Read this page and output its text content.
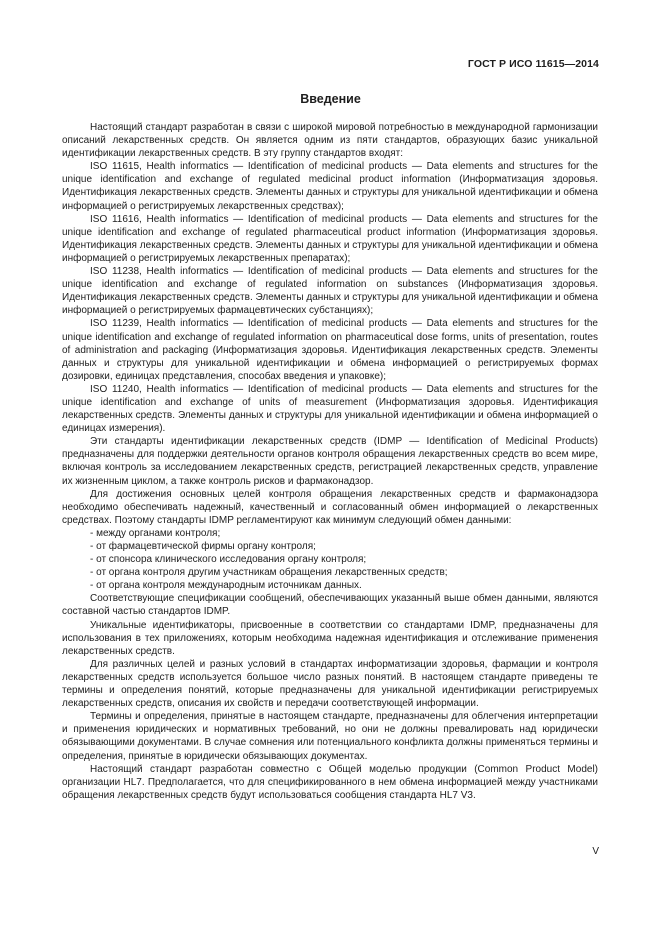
ГОСТ Р ИСО 11615—2014
Введение

Настоящий стандарт разработан в связи с широкой мировой потребностью в международной гармонизации описаний лекарственных средств. Он является одним из пяти стандартов, образующих базис уникальной идентификации лекарственных средств. В эту группу стандартов входят:

ISO 11615, Health informatics — Identification of medicinal products — Data elements and structures for the unique identification and exchange of regulated medicinal product information (Информатизация здоровья. Идентификация лекарственных средств. Элементы данных и структуры для уникальной идентификации и обмена информацией о регистрируемых лекарственных средствах);

ISO 11616, Health informatics — Identification of medicinal products — Data elements and structures for the unique identification and exchange of regulated pharmaceutical product information (Информатизация здоровья. Идентификация лекарственных средств. Элементы данных и структуры для уникальной идентификации и обмена информацией о регистрируемых лекарственных препаратах);

ISO 11238, Health informatics — Identification of medicinal products — Data elements and structures for the unique identification and exchange of regulated information on substances (Информатизация здоровья. Идентификация лекарственных средств. Элементы данных и структуры для уникальной идентификации и обмена информацией о регистрируемых фармацевтических субстанциях);

ISO 11239, Health informatics — Identification of medicinal products — Data elements and structures for the unique identification and exchange of regulated information on pharmaceutical dose forms, units of presentation, routes of administration and packaging (Информатизация здоровья. Идентификация лекарственных средств. Элементы данных и структуры для уникальной идентификации и обмена информацией о регистрируемых формах дозировки, единицах представления, способах введения и упаковке);

ISO 11240, Health informatics — Identification of medicinal products — Data elements and structures for the unique identification and exchange of units of measurement (Информатизация здоровья. Идентификация лекарственных средств. Элементы данных и структуры для уникальной идентификации и обмена информацией о единицах измерения).

Эти стандарты идентификации лекарственных средств (IDMP — Identification of Medicinal Products) предназначены для поддержки деятельности органов контроля обращения лекарственных средств во всем мире, включая контроль за исследованием лекарственных средств, регистрацией лекарственных средств, управление их жизненным циклом, а также контроль рисков и фармаконадзор.

Для достижения основных целей контроля обращения лекарственных средств и фармаконадзора необходимо обеспечивать надежный, качественный и согласованный обмен информацией о лекарственных средствах. Поэтому стандарты IDMP регламентируют как минимум следующий обмен данными:

- между органами контроля;

- от фармацевтической фирмы органу контроля;

- от спонсора клинического исследования органу контроля;

- от органа контроля другим участникам обращения лекарственных средств;

- от органа контроля международным источникам данных.

Соответствующие спецификации сообщений, обеспечивающих указанный выше обмен данными, являются составной частью стандартов IDMP.

Уникальные идентификаторы, присвоенные в соответствии со стандартами IDMP, предназначены для использования в тех приложениях, которым необходима надежная идентификация и отслеживание применения лекарственных средств.

Для различных целей и разных условий в стандартах информатизации здоровья, фармации и контроля лекарственных средств используется большое число разных понятий. В настоящем стандарте приведены те термины и определения понятий, которые предназначены для уникальной идентификации регистрируемых лекарственных средств, описания их свойств и передачи соответствующей информации.

Термины и определения, принятые в настоящем стандарте, предназначены для облегчения интерпретации и применения юридических и нормативных требований, но они не должны превалировать над юридически обязывающими документами. В случае сомнения или потенциального конфликта должны применяться термины и определения, принятые в юридически обязывающих документах.

Настоящий стандарт разработан совместно с Общей моделью продукции (Common Product Model) организации HL7. Предполагается, что для спецификированного в нем обмена информацией между участниками обращения лекарственных средств будут использоваться сообщения стандарта HL7 V3.

V
